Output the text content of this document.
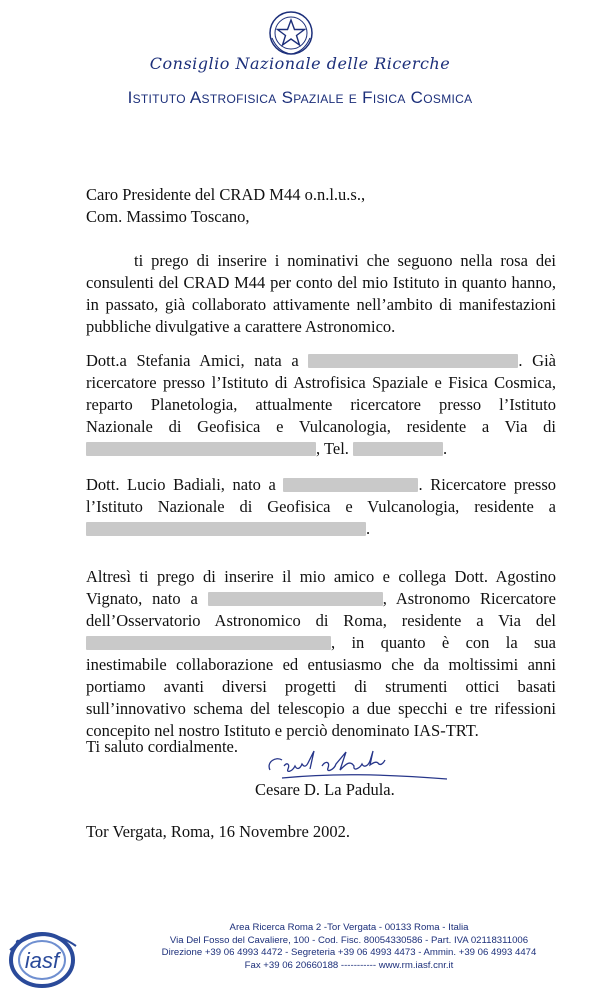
Consiglio Nazionale delle Ricerche
Istituto Astrofisica Spaziale e Fisica Cosmica
Caro Presidente del CRAD M44 o.n.l.u.s.,
Com. Massimo Toscano,
ti prego di inserire i nominativi che seguono nella rosa dei consulenti del CRAD M44 per conto del mio Istituto in quanto hanno, in passato, già collaborato attivamente nell’ambito di manifestazioni pubbliche divulgative a carattere Astronomico.
Dott.a Stefania Amici, nata a	. Già ricercatore presso l’Istituto di Astrofisica Spaziale e Fisica Cosmica, reparto Planetologia, attualmente ricercatore presso l’Istituto Nazionale di Geofisica e Vulcanologia, residente a Via di , Tel.	.
Dott. Lucio Badiali, nato a	. Ricercatore presso l’Istituto Nazionale di Geofisica e Vulcanologia, residente a .
Altresì ti prego di inserire il mio amico e collega Dott. Agostino Vignato, nato a	, Astronomo Ricercatore dell’Osservatorio Astronomico di Roma, residente a Via del , in quanto è con la sua inestimabile collaborazione ed entusiasmo che da moltissimi anni portiamo avanti diversi progetti di strumenti ottici basati sull’innovativo schema del telescopio a due specchi e tre rifessioni concepito nel nostro Istituto e perciò denominato IAS-TRT.
Ti saluto cordialmente.
Cesare D. La Padula.
Tor Vergata, Roma, 16 Novembre 2002.
iasf
Area Ricerca Roma 2 -Tor Vergata - 00133 Roma - Italia
Via Del Fosso del Cavaliere, 100 - Cod. Fisc. 80054330586 - Part. IVA 02118311006
Direzione +39 06 4993 4472 - Segreteria +39 06 4993 4473 - Ammin. +39 06 4993 4474
Fax +39 06 20660188 ----------- www.rm.iasf.cnr.it
